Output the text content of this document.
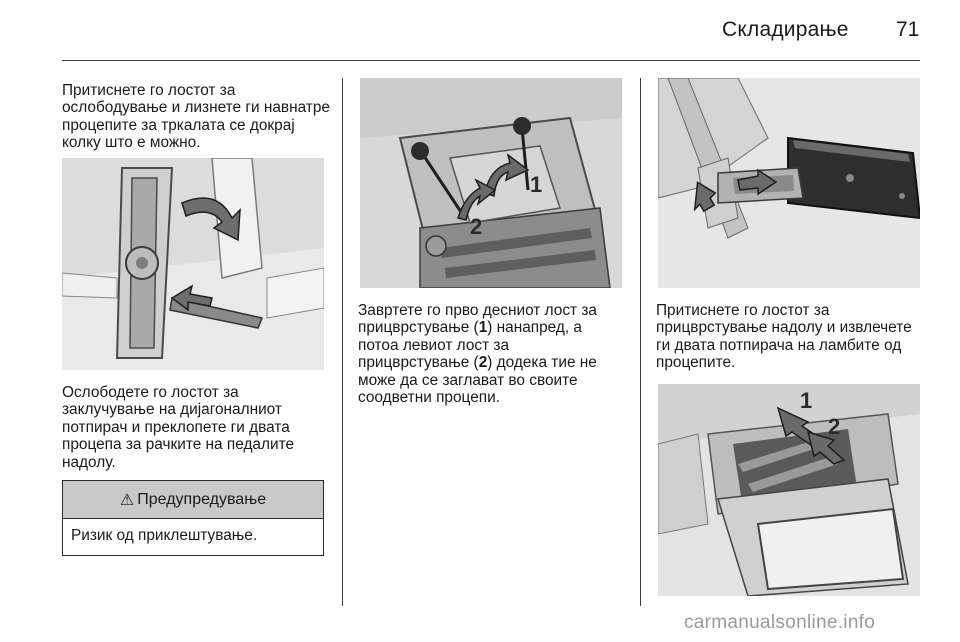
Складирање 71
Притиснете го лостот за ослободување и лизнете ги навнатре процепите за тркалата се докрај колку што е можно.
Ослободете го лостот за заклучување на дијагоналниот потпирач и преклопете ги двата процепа за рачките на педалите надолу.
⚠ Предупредување
Ризик од приклештување.
1
2
Завртете го прво десниот лост за
прицврстување (1) нанапред, а
потоа левиот лост за
прицврстување (2) додека тие не
може да се заглават во своите
соодветни процепи.
Притиснете го лостот за прицврстување надолу и извлечете ги двата потпирача на ламбите од процепите.
1
2
carmanualsonline.info
